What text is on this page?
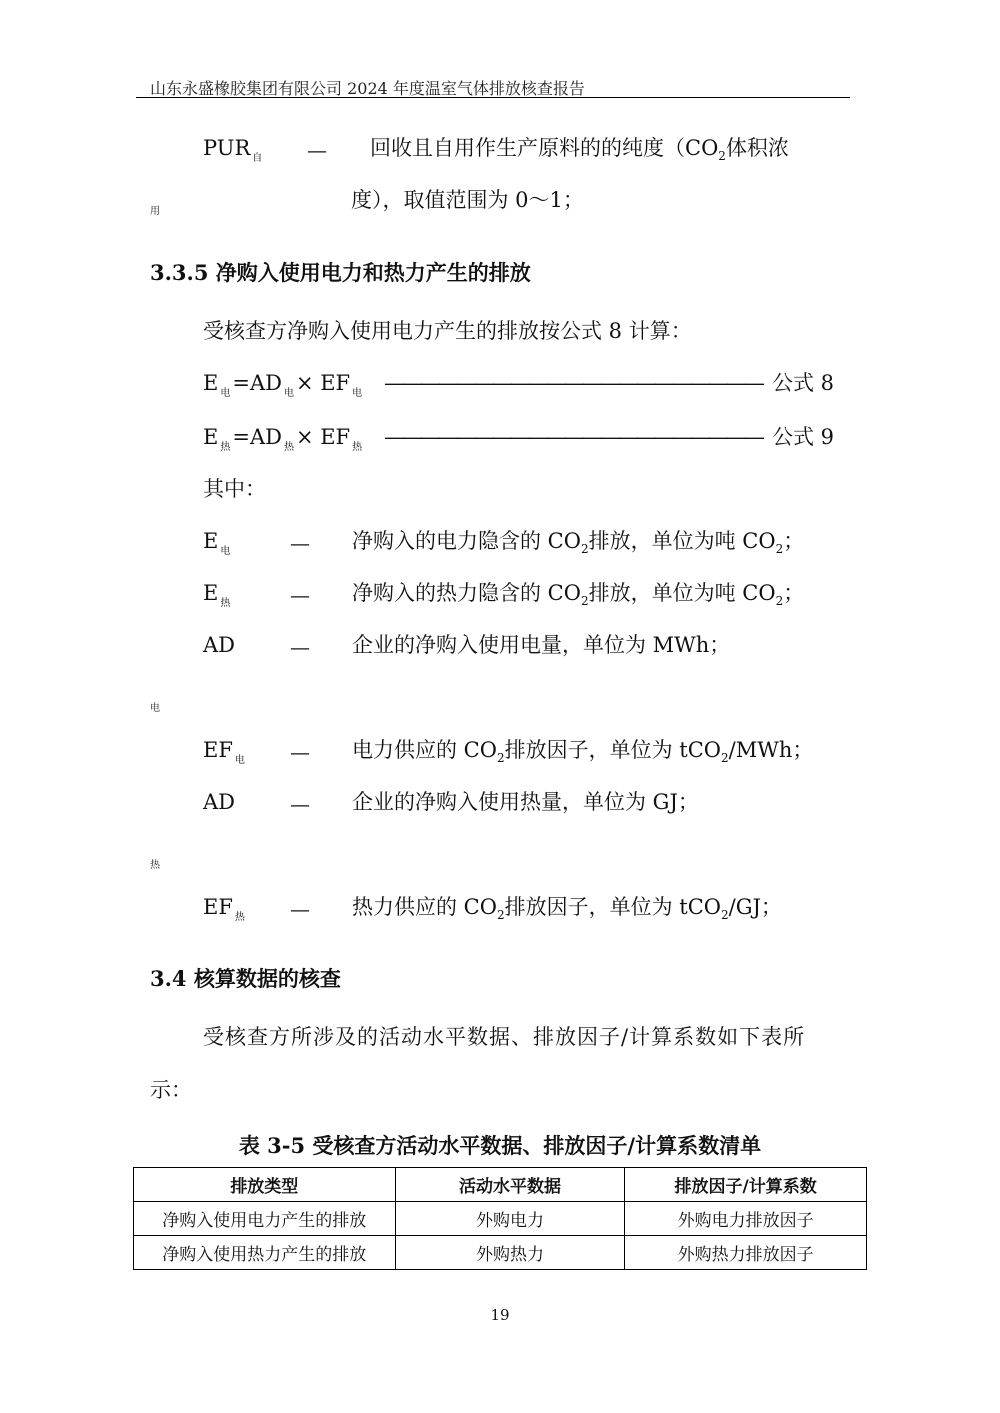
山东永盛橡胶集团有限公司 2024 年度温室气体排放核查报告
PUR $_自$ — 回收且自用作生产原料的的纯度（$CO_2$体积浓
用	度），取值范围为 0～1；
3.3.5 净购入使用电力和热力产生的排放
受核查方净购入使用电力产生的排放按公式 8 计算：
E $_电$=AD $_电$× EF $_电$ ————————————————————— 公式 8
E $_热$=AD $_热$× EF $_热$ ————————————————————— 公式 9
其中：
E $_电$	— 净购入的电力隐含的 $CO_2$排放，单位为吨 $CO_2$；
E $_热$	— 净购入的热力隐含的 $CO_2$排放，单位为吨 $CO_2$；
AD	— 企业的净购入使用电量，单位为 MWh；
电
EF $_电$ — 电力供应的 $CO_2$排放因子，单位为 tCO$_2$/MWh；
AD	— 企业的净购入使用热量，单位为 GJ；
热
EF $_热$ — 热力供应的 $CO_2$排放因子，单位为 tCO$_2$/GJ；
3.4 核算数据的核查
受核查方所涉及的活动水平数据、排放因子/计算系数如下表所
示：
表 3-5 受核查方活动水平数据、排放因子/计算系数清单
排放类型	活动水平数据	排放因子/计算系数
净购入使用电力产生的排放	外购电力	外购电力排放因子
净购入使用热力产生的排放	外购热力	外购热力排放因子
19
